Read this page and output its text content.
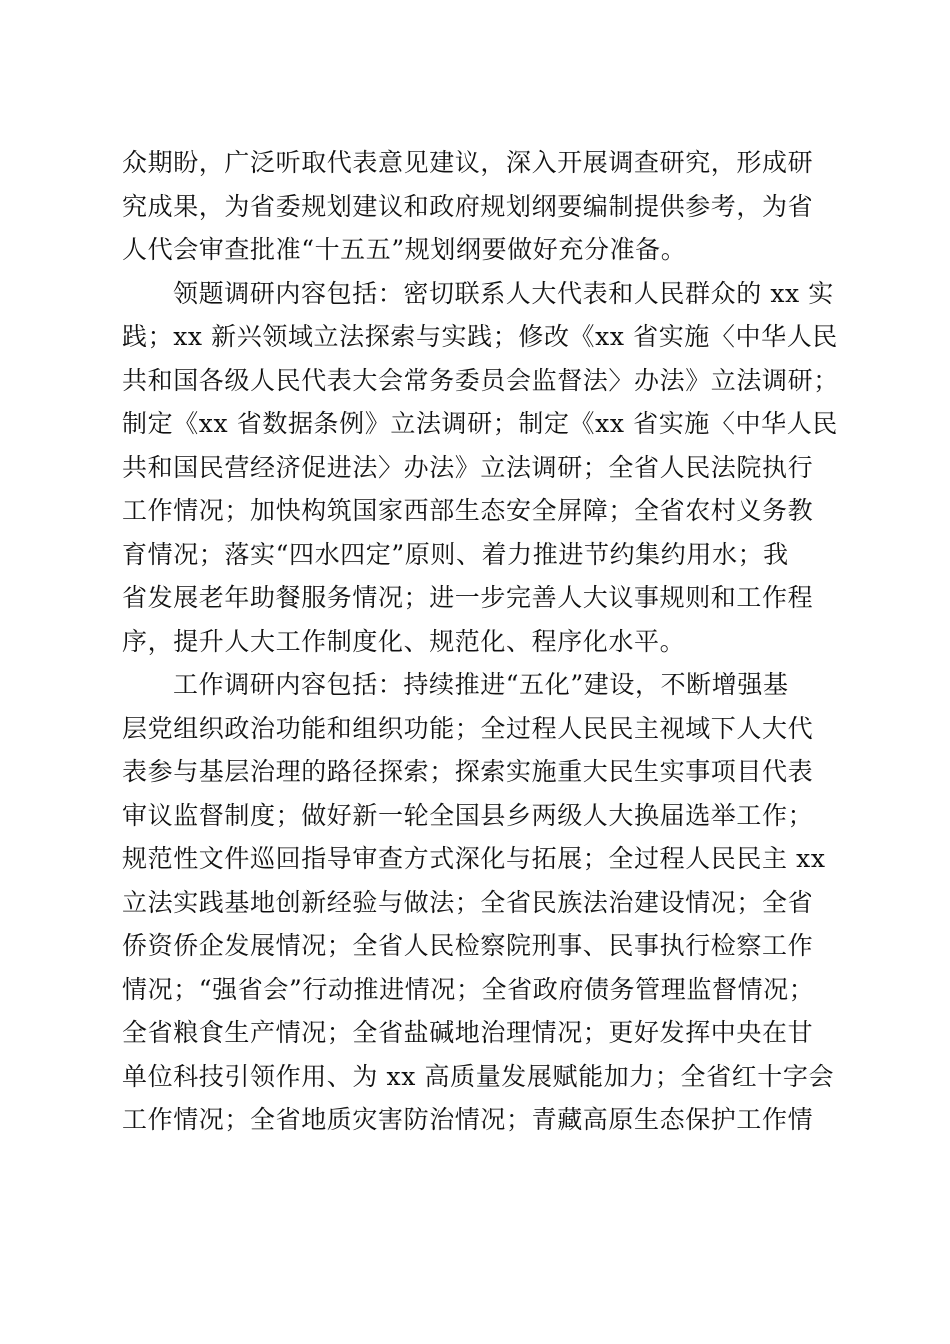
众期盼，广泛听取代表意见建议，深入开展调查研究，形成研
究成果，为省委规划建议和政府规划纲要编制提供参考，为省
人代会审查批准“十五五”规划纲要做好充分准备。
领题调研内容包括：密切联系人大代表和人民群众的 xx 实
践；xx 新兴领域立法探索与实践；修改《xx 省实施〈中华人民
共和国各级人民代表大会常务委员会监督法〉办法》立法调研；
制定《xx 省数据条例》立法调研；制定《xx 省实施〈中华人民
共和国民营经济促进法〉办法》立法调研；全省人民法院执行
工作情况；加快构筑国家西部生态安全屏障；全省农村义务教
育情况；落实“四水四定”原则、着力推进节约集约用水；我
省发展老年助餐服务情况；进一步完善人大议事规则和工作程
序，提升人大工作制度化、规范化、程序化水平。
工作调研内容包括：持续推进“五化”建设，不断增强基
层党组织政治功能和组织功能；全过程人民民主视域下人大代
表参与基层治理的路径探索；探索实施重大民生实事项目代表
审议监督制度；做好新一轮全国县乡两级人大换届选举工作；
规范性文件巡回指导审查方式深化与拓展；全过程人民民主 xx
立法实践基地创新经验与做法；全省民族法治建设情况；全省
侨资侨企发展情况；全省人民检察院刑事、民事执行检察工作
情况；“强省会”行动推进情况；全省政府债务管理监督情况；
全省粮食生产情况；全省盐碱地治理情况；更好发挥中央在甘
单位科技引领作用、为 xx 高质量发展赋能加力；全省红十字会
工作情况；全省地质灾害防治情况；青藏高原生态保护工作情
